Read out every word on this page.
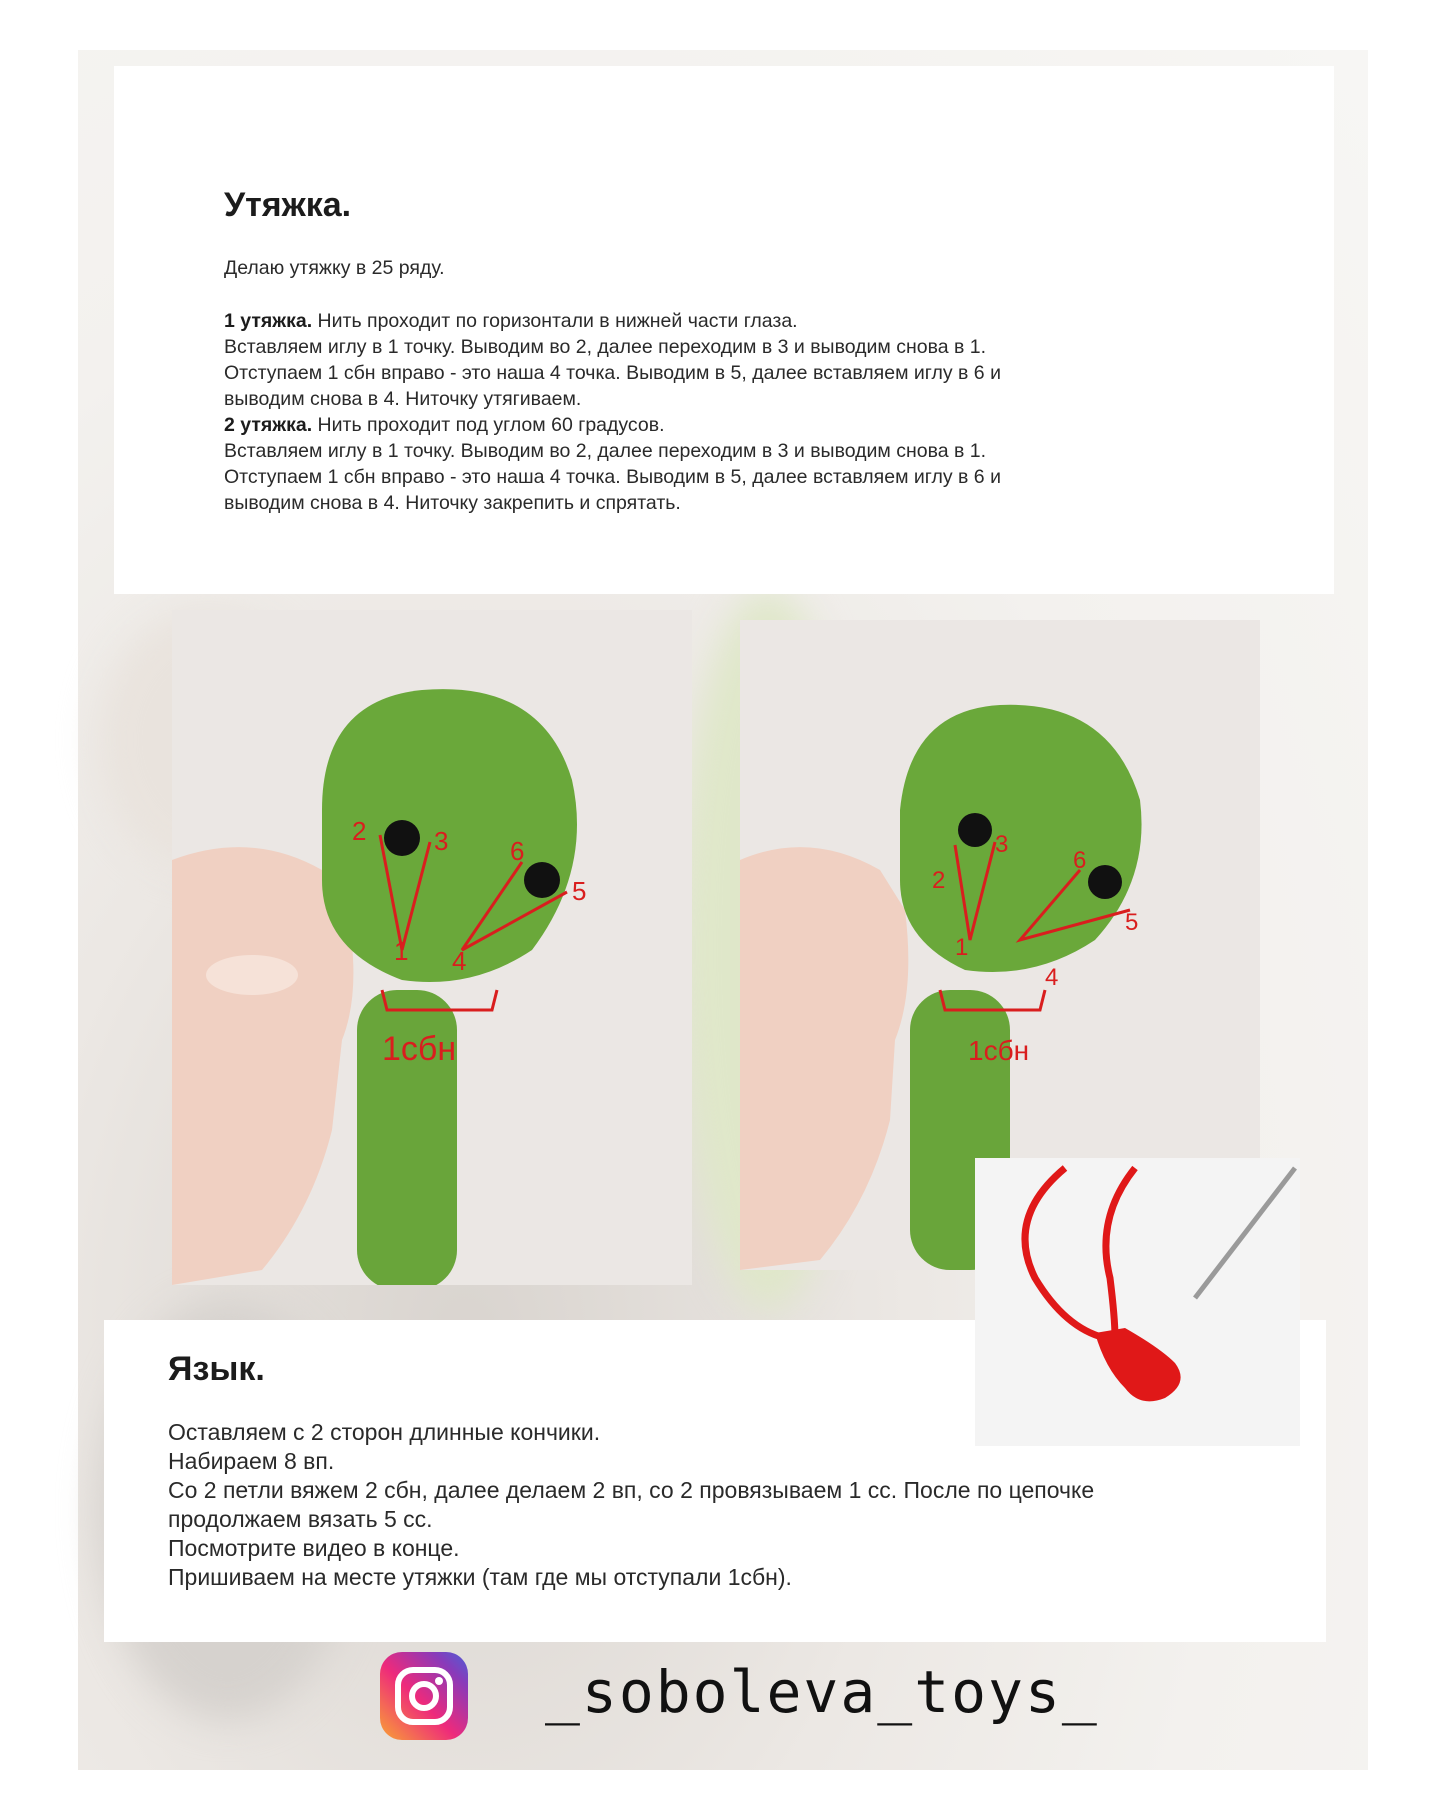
Утяжка.

Делаю утяжку в 25 ряду.

1 утяжка. Нить проходит по горизонтали в нижней части глаза.

Вставляем иглу в 1 точку. Выводим во 2, далее переходим в 3 и выводим снова в 1.

Отступаем 1 сбн вправо - это наша 4 точка. Выводим в 5, далее вставляем иглу в 6 и

выводим снова в 4. Ниточку утягиваем.

2 утяжка. Нить проходит под углом 60 градусов.

Вставляем иглу в 1 точку. Выводим во 2, далее переходим в 3 и выводим снова в 1.

Отступаем 1 сбн вправо - это наша 4 точка. Выводим в 5, далее вставляем иглу в 6 и

выводим снова в 4. Ниточку закрепить и спрятать.

2	3
1
6
5
4
1сбн
2
3
1
6
5
4
1сбн
Язык.

Оставляем с 2 сторон длинные кончики.

Набираем 8 вп.

Со 2 петли вяжем 2 сбн, далее делаем 2 вп, со 2 провязываем 1 сс. После по цепочке

продолжаем вязать 5 сс.

Посмотрите видео в конце.

Пришиваем на месте утяжки (там где мы отступали 1сбн).

_soboleva_toys_
